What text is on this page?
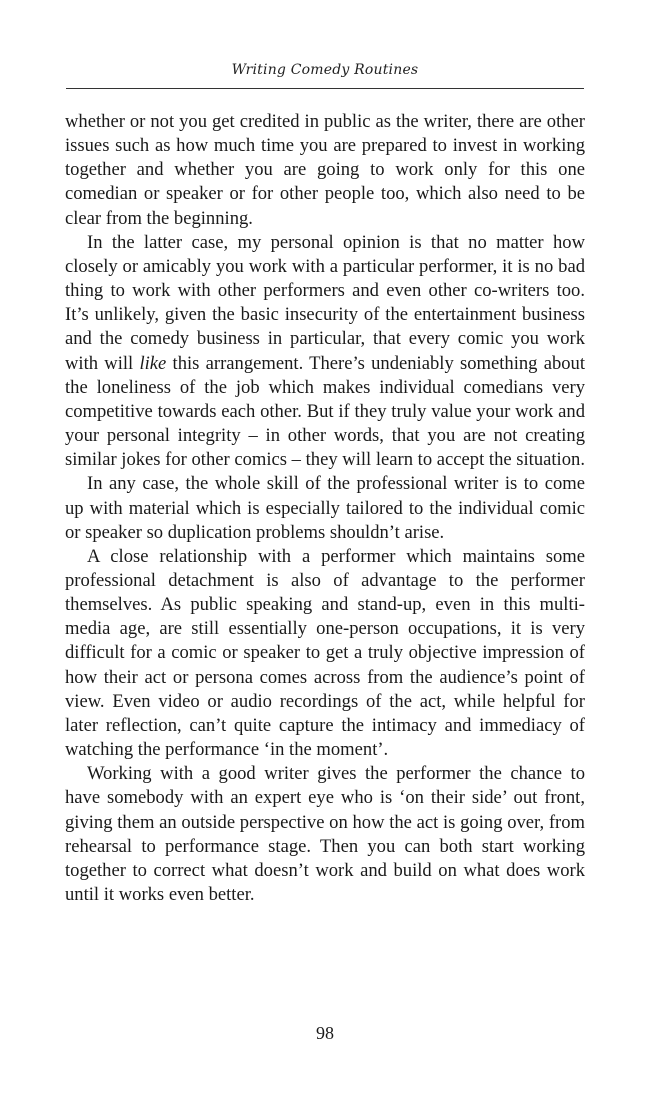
Writing Comedy Routines

whether or not you get credited in public as the writer, there are other issues such as how much time you are prepared to invest in working together and whether you are going to work only for this one comedian or speaker or for other people too, which also need to be clear from the beginning.

In the latter case, my personal opinion is that no matter how closely or amicably you work with a particular performer, it is no bad thing to work with other performers and even other co-writers too. It’s unlikely, given the basic insecurity of the entertainment business and the comedy business in particular, that every comic you work with will like this arrangement. There’s undeniably something about the loneliness of the job which makes individual comedians very competitive towards each other. But if they truly value your work and your personal integrity – in other words, that you are not creating similar jokes for other comics – they will learn to accept the situation.

In any case, the whole skill of the professional writer is to come up with material which is especially tailored to the individual comic or speaker so duplication problems shouldn’t arise.

A close relationship with a performer which maintains some professional detachment is also of advantage to the performer themselves. As public speaking and stand-up, even in this multi-media age, are still essentially one-person occupations, it is very difficult for a comic or speaker to get a truly objective impression of how their act or persona comes across from the audience’s point of view. Even video or audio recordings of the act, while helpful for later reflection, can’t quite capture the intimacy and immediacy of watching the performance ‘in the moment’.

Working with a good writer gives the performer the chance to have somebody with an expert eye who is ‘on their side’ out front, giving them an outside perspective on how the act is going over, from rehearsal to performance stage. Then you can both start working together to correct what doesn’t work and build on what does work until it works even better.

98
